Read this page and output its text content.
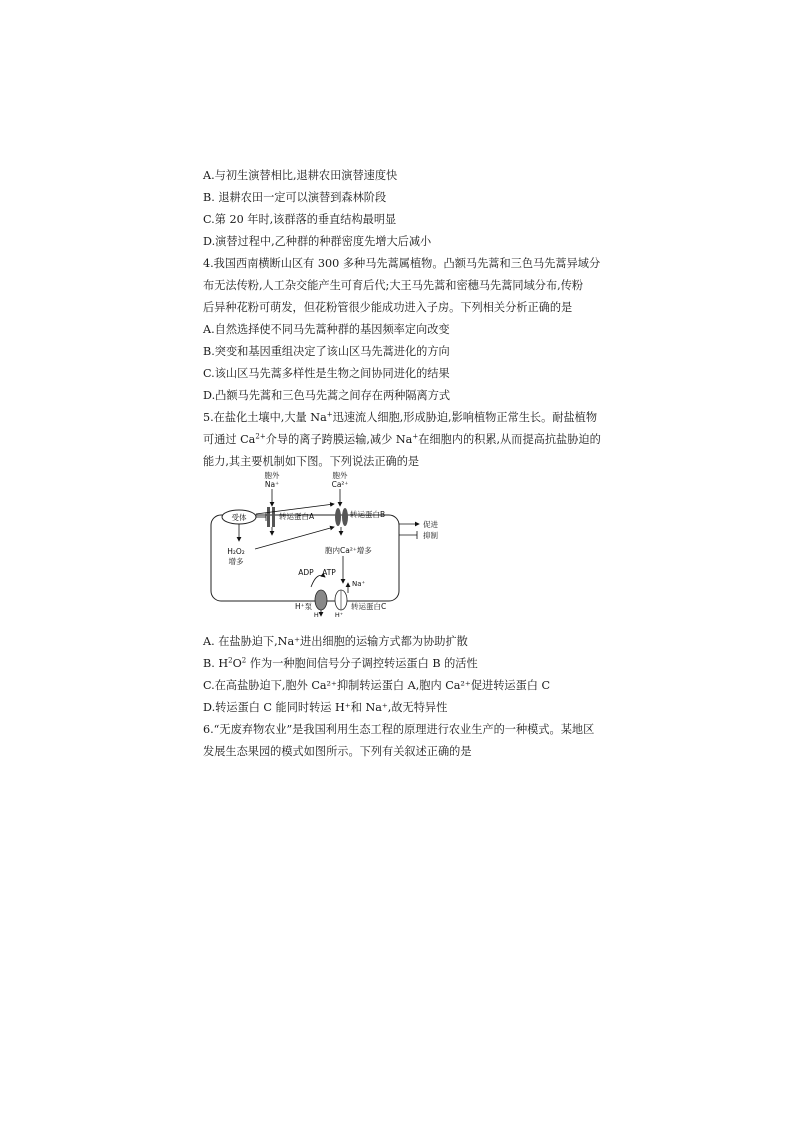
A.与初生演替相比,退耕农田演替速度快
B. 退耕农田一定可以演替到森林阶段
C.第 20 年时,该群落的垂直结构最明显
D.演替过程中,乙种群的种群密度先增大后减小
4.我国西南横断山区有 300 多种马先蒿属植物。凸额马先蒿和三色马先蒿异域分
布无法传粉,人工杂交能产生可育后代;大王马先蒿和密穗马先蒿同域分布,传粉
后异种花粉可萌发，但花粉管很少能成功进入子房。下列相关分析正确的是
A.自然选择使不同马先蒿种群的基因频率定向改变
B.突变和基因重组决定了该山区马先蒿进化的方向
C.该山区马先蒿多样性是生物之间协同进化的结果
D.凸额马先蒿和三色马先蒿之间存在两种隔离方式
5.在盐化土壤中,大量 Na+迅速流人细胞,形成胁迫,影响植物正常生长。耐盐植物
可通过 $Ca^{2+}$介导的离子跨膜运输,减少 Na+在细胞内的积累,从而提高抗盐胁迫的
能力,其主要机制如下图。下列说法正确的是
胞外
Na⁺
胞外
Ca²⁺
受体	转运蛋白A	转运蛋白B
H₂O₂
增多
促进
抑制
胞内Ca²⁺增多
ADP ATP
Na⁺
H⁺泵	转运蛋白C
H⁺ H⁺
A. 在盐胁迫下,Na⁺进出细胞的运输方式都为协助扩散
B. $H^2O^2$ 作为一种胞间信号分子调控转运蛋白 B 的活性
C.在高盐胁迫下,胞外 Ca²⁺抑制转运蛋白 A,胞内 Ca²⁺促进转运蛋白 C
D.转运蛋白 C 能同时转运 H⁺和 Na⁺,故无特异性
6.“无废弃物农业”是我国利用生态工程的原理进行农业生产的一种模式。某地区
发展生态果园的模式如图所示。下列有关叙述正确的是
